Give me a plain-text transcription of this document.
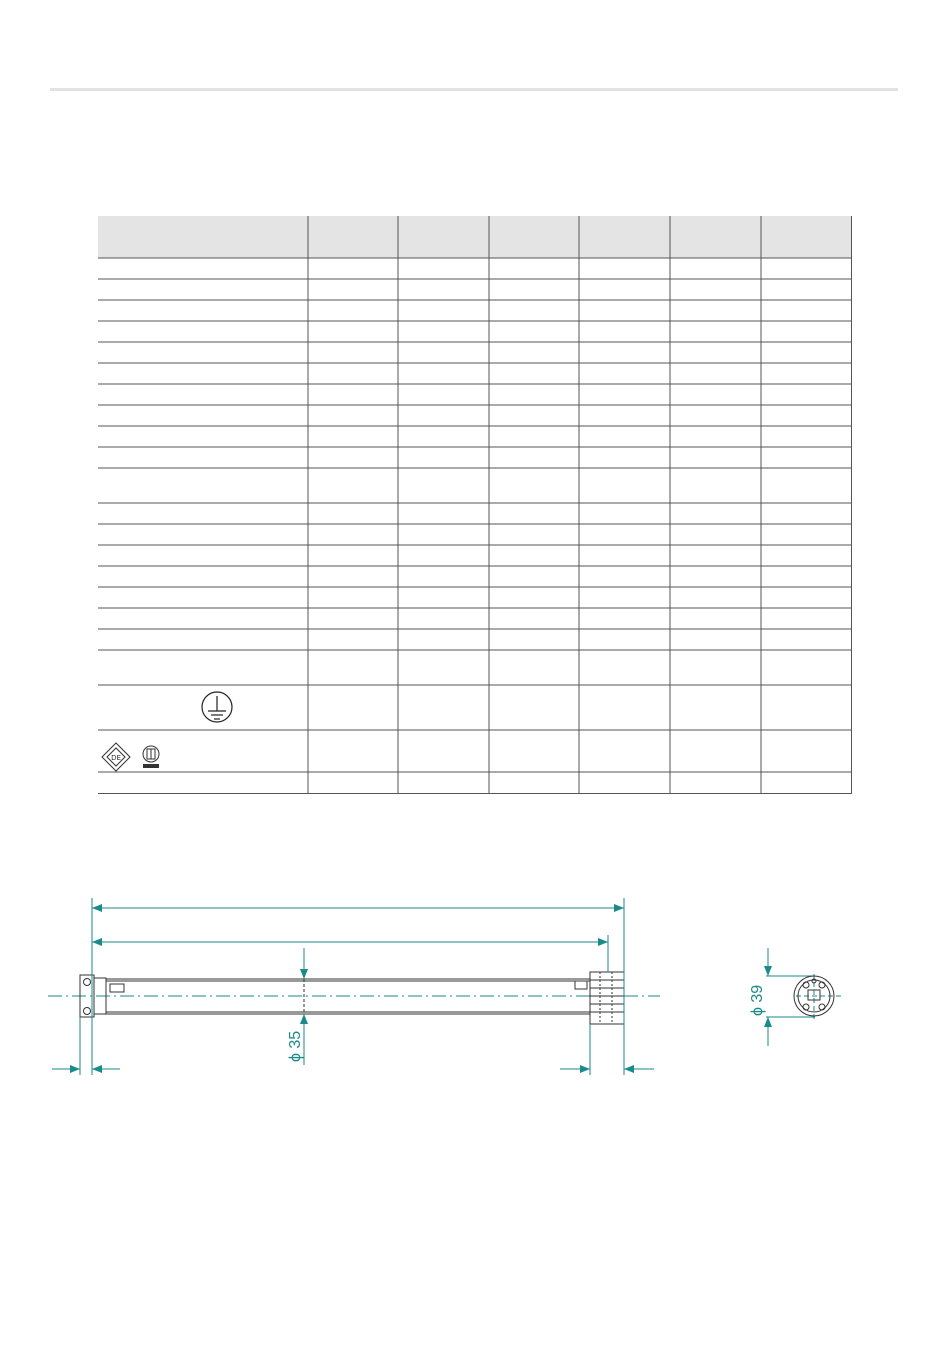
DE
ϕ 35
ϕ 39
